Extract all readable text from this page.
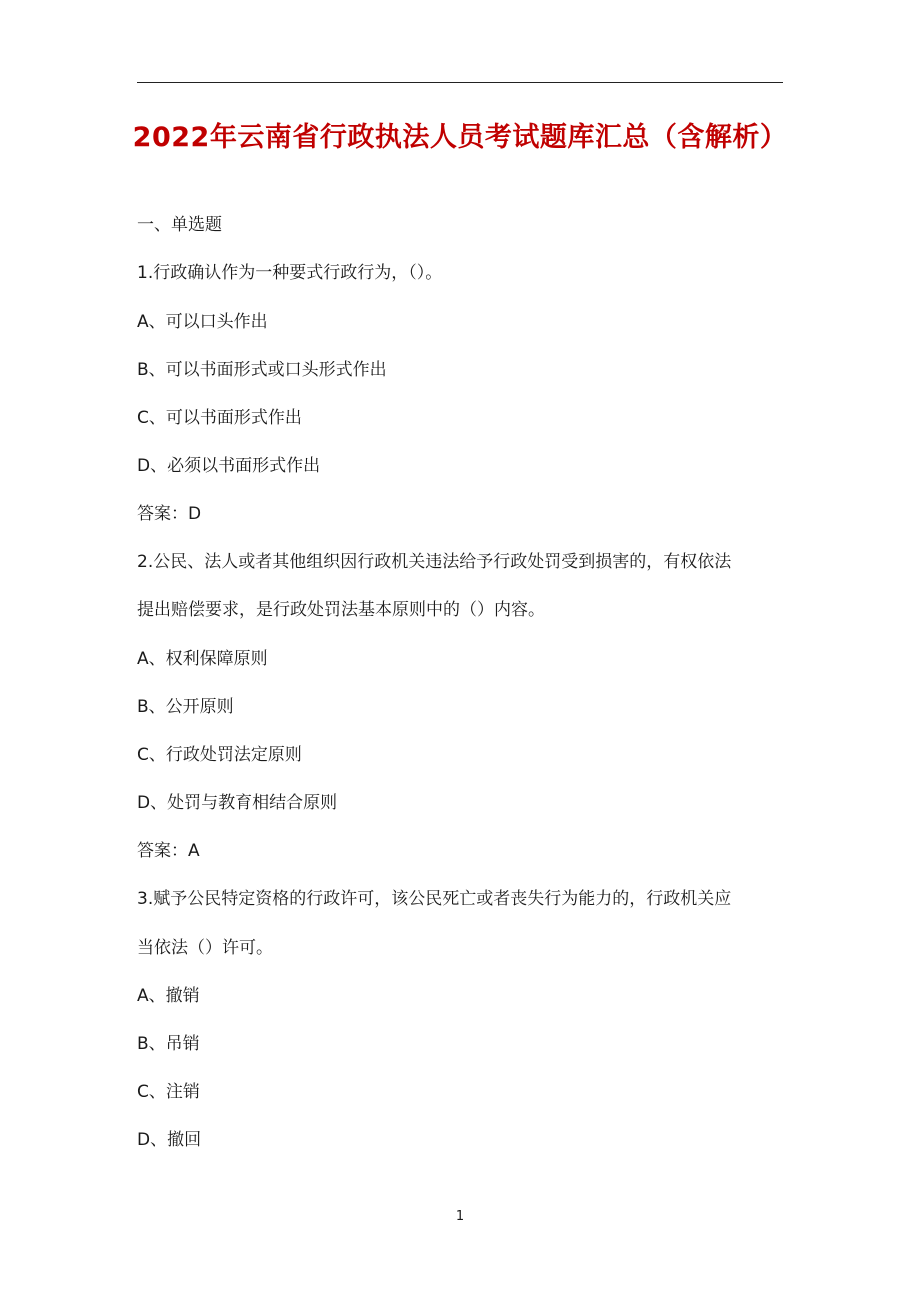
2022年云南省行政执法人员考试题库汇总（含解析）
一、单选题
1.行政确认作为一种要式行政行为，（）。
A、可以口头作出
B、可以书面形式或口头形式作出
C、可以书面形式作出
D、必须以书面形式作出
答案：D
2.公民、法人或者其他组织因行政机关违法给予行政处罚受到损害的，有权依法
提出赔偿要求，是行政处罚法基本原则中的（）内容。
A、权利保障原则
B、公开原则
C、行政处罚法定原则
D、处罚与教育相结合原则
答案：A
3.赋予公民特定资格的行政许可，该公民死亡或者丧失行为能力的，行政机关应
当依法（）许可。
A、撤销
B、吊销
C、注销
D、撤回
1
